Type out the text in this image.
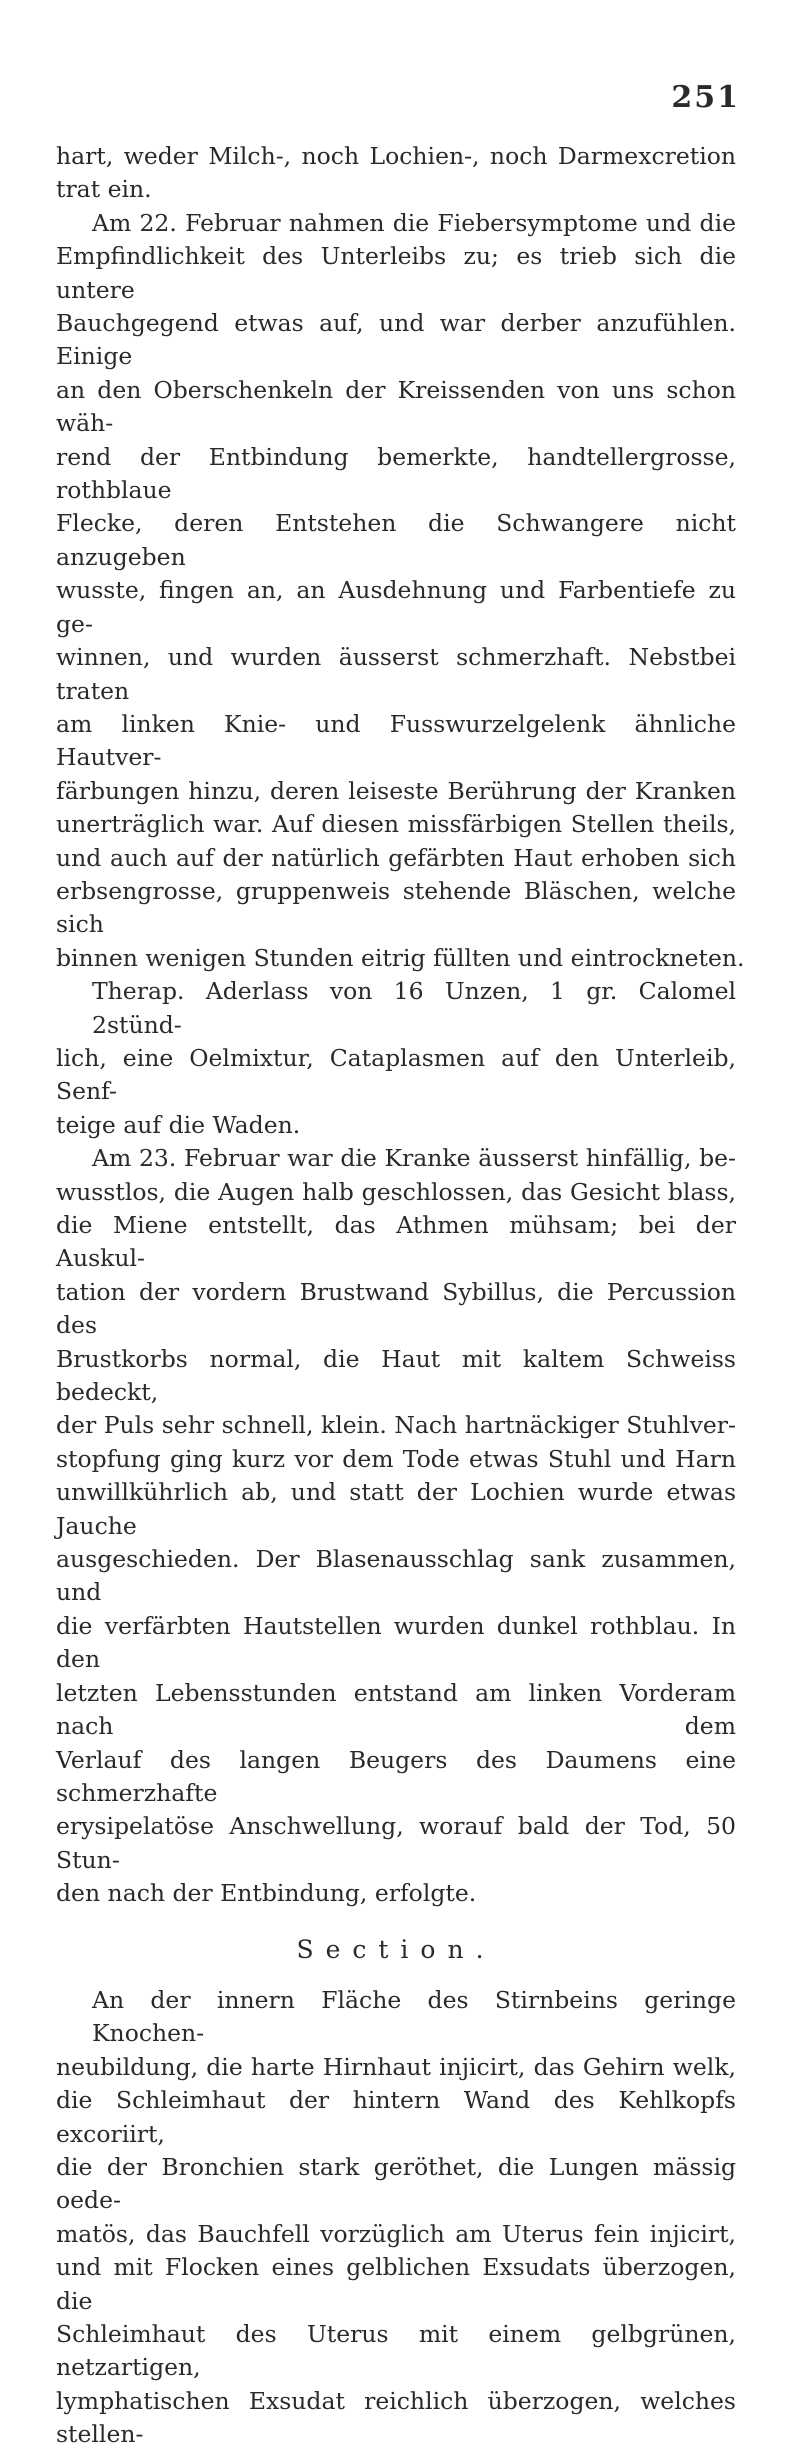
251
hart, weder Milch-, noch Lochien-, noch Darmexcretion
trat ein.
Am 22. Februar nahmen die Fiebersymptome und die
Empfindlichkeit des Unterleibs zu; es trieb sich die untere
Bauchgegend etwas auf, und war derber anzufühlen. Einige
an den Oberschenkeln der Kreissenden von uns schon wäh-
rend der Entbindung bemerkte, handtellergrosse, rothblaue
Flecke, deren Entstehen die Schwangere nicht anzugeben
wusste, fingen an, an Ausdehnung und Farbentiefe zu ge-
winnen, und wurden äusserst schmerzhaft. Nebstbei traten
am linken Knie- und Fusswurzelgelenk ähnliche Hautver-
färbungen hinzu, deren leiseste Berührung der Kranken
unerträglich war. Auf diesen missfärbigen Stellen theils,
und auch auf der natürlich gefärbten Haut erhoben sich
erbsengrosse, gruppenweis stehende Bläschen, welche sich
binnen wenigen Stunden eitrig füllten und eintrockneten.
Therap. Aderlass von 16 Unzen, 1 gr. Calomel 2stünd-
lich, eine Oelmixtur, Cataplasmen auf den Unterleib, Senf-
teige auf die Waden.
Am 23. Februar war die Kranke äusserst hinfällig, be-
wusstlos, die Augen halb geschlossen, das Gesicht blass,
die Miene entstellt, das Athmen mühsam; bei der Auskul-
tation der vordern Brustwand Sybillus, die Percussion des
Brustkorbs normal, die Haut mit kaltem Schweiss bedeckt,
der Puls sehr schnell, klein. Nach hartnäckiger Stuhlver-
stopfung ging kurz vor dem Tode etwas Stuhl und Harn
unwillkührlich ab, und statt der Lochien wurde etwas Jauche
ausgeschieden. Der Blasenausschlag sank zusammen, und
die verfärbten Hautstellen wurden dunkel rothblau. In den
letzten Lebensstunden entstand am linken Vorderam nach dem
Verlauf des langen Beugers des Daumens eine schmerzhafte
erysipelatöse Anschwellung, worauf bald der Tod, 50 Stun-
den nach der Entbindung, erfolgte.
Section.
An der innern Fläche des Stirnbeins geringe Knochen-
neubildung, die harte Hirnhaut injicirt, das Gehirn welk,
die Schleimhaut der hintern Wand des Kehlkopfs excoriirt,
die der Bronchien stark geröthet, die Lungen mässig oede-
matös, das Bauchfell vorzüglich am Uterus fein injicirt,
und mit Flocken eines gelblichen Exsudats überzogen, die
Schleimhaut des Uterus mit einem gelbgrünen, netzartigen,
lymphatischen Exsudat reichlich überzogen, welches stellen-
